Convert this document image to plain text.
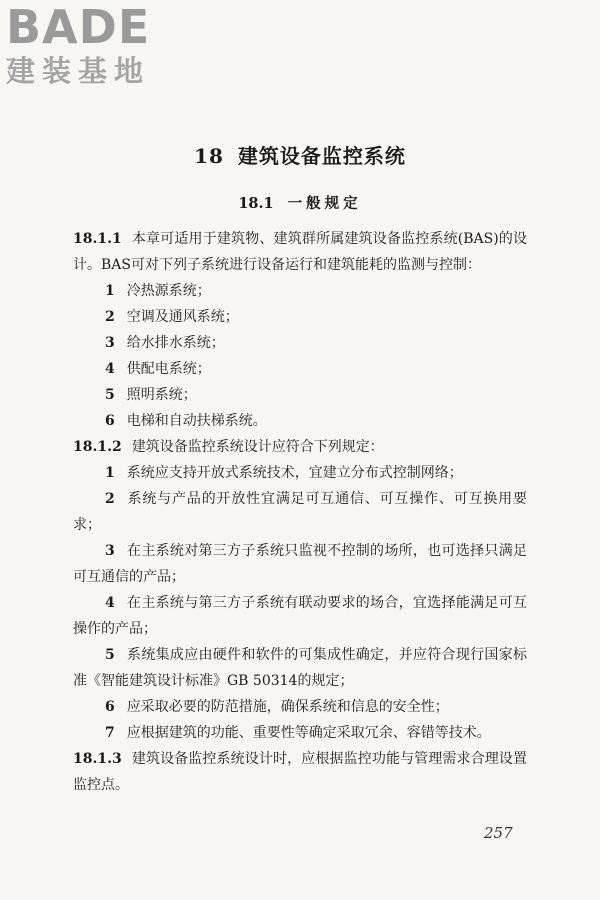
BADE
建装基地
18 建筑设备监控系统
18.1 一般规定

18.1.1 本章可适用于建筑物、建筑群所属建筑设备监控系统(BAS)的设计。BAS可对下列子系统进行设备运行和建筑能耗的监测与控制：

1 冷热源系统；

2 空调及通风系统；

3 给水排水系统；

4 供配电系统；

5 照明系统；

6 电梯和自动扶梯系统。

18.1.2 建筑设备监控系统设计应符合下列规定：

1 系统应支持开放式系统技术，宜建立分布式控制网络；

2 系统与产品的开放性宜满足可互通信、可互操作、可互换用要求；

3 在主系统对第三方子系统只监视不控制的场所，也可选择只满足可互通信的产品；

4 在主系统与第三方子系统有联动要求的场合，宜选择能满足可互操作的产品；

5 系统集成应由硬件和软件的可集成性确定，并应符合现行国家标准《智能建筑设计标准》GB 50314的规定；

6 应采取必要的防范措施，确保系统和信息的安全性；

7 应根据建筑的功能、重要性等确定采取冗余、容错等技术。

18.1.3 建筑设备监控系统设计时，应根据监控功能与管理需求合理设置监控点。

257
